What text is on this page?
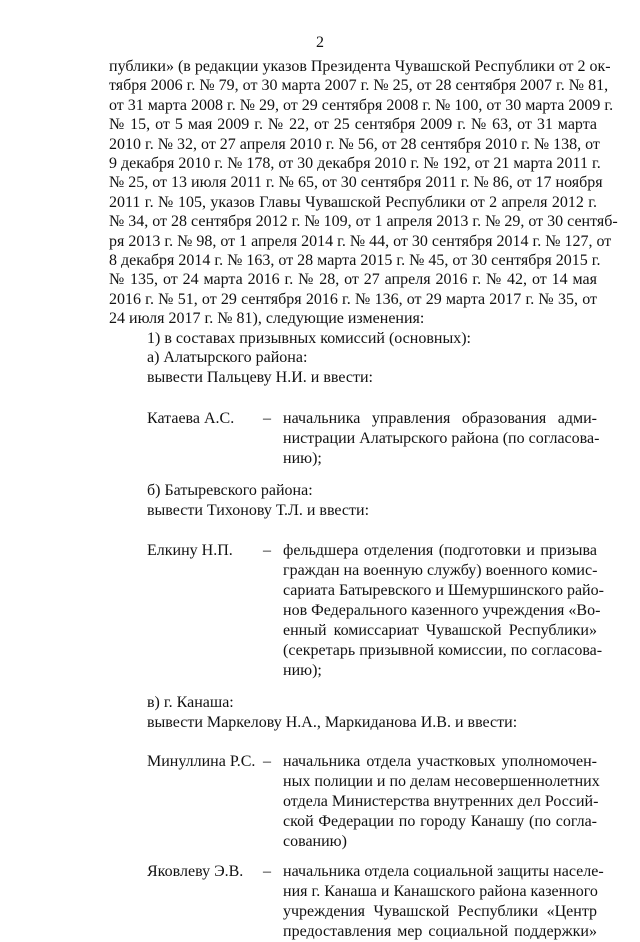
2
публики» (в редакции указов Президента Чувашской Республики от 2 ок-
тября 2006 г. № 79, от 30 марта 2007 г. № 25, от 28 сентября 2007 г. № 81,
от 31 марта 2008 г. № 29, от 29 сентября 2008 г. № 100, от 30 марта 2009 г.
№ 15, от 5 мая 2009 г. № 22, от 25 сентября 2009 г. № 63, от 31 марта
2010 г. № 32, от 27 апреля 2010 г. № 56, от 28 сентября 2010 г. № 138, от
9 декабря 2010 г. № 178, от 30 декабря 2010 г. № 192, от 21 марта 2011 г.
№ 25, от 13 июля 2011 г. № 65, от 30 сентября 2011 г. № 86, от 17 ноября
2011 г. № 105, указов Главы Чувашской Республики от 2 апреля 2012 г.
№ 34, от 28 сентября 2012 г. № 109, от 1 апреля 2013 г. № 29, от 30 сентяб-
ря 2013 г. № 98, от 1 апреля 2014 г. № 44, от 30 сентября 2014 г. № 127, от
8 декабря 2014 г. № 163, от 28 марта 2015 г. № 45, от 30 сентября 2015 г.
№ 135, от 24 марта 2016 г. № 28, от 27 апреля 2016 г. № 42, от 14 мая
2016 г. № 51, от 29 сентября 2016 г. № 136, от 29 марта 2017 г. № 35, от
24 июля 2017 г. № 81), следующие изменения:
1) в составах призывных комиссий (основных):
а) Алатырского района:
вывести Пальцеву Н.И. и ввести:
Катаева А.С. – начальника управления образования адми-
нистрации Алатырского района (по согласова-
нию);
б) Батыревского района:
вывести Тихонову Т.Л. и ввести:
Елкину Н.П. – фельдшера отделения (подготовки и призыва
граждан на военную службу) военного комис-
сариата Батыревского и Шемуршинского райо-
нов Федерального казенного учреждения «Во-
енный комиссариат Чувашской Республики»
(секретарь призывной комиссии, по согласова-
нию);
в) г. Канаша:
вывести Маркелову Н.А., Маркиданова И.В. и ввести:
Минуллина Р.С. – начальника отдела участковых уполномочен-
ных полиции и по делам несовершеннолетних
отдела Министерства внутренних дел Россий-
ской Федерации по городу Канашу (по согла-
сованию)
Яковлеву Э.В. – начальника отдела социальной защиты населе-
ния г. Канаша и Канашского района казенного
учреждения Чувашской Республики «Центр
предоставления мер социальной поддержки»
